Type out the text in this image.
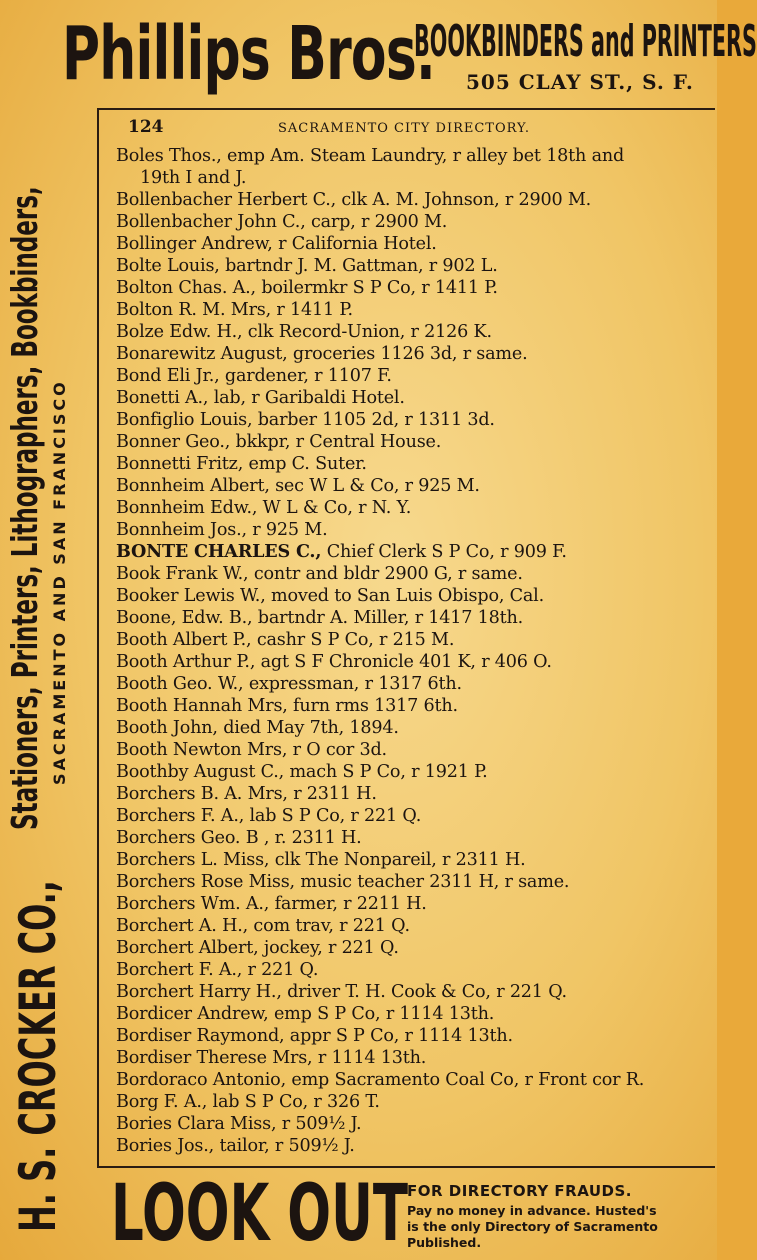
Phillips Bros.
BOOKBINDERS and PRINTERS
505 CLAY ST., S. F.
H. S. CROCKER CO.,
Stationers, Printers, Lithographers, Bookbinders, SACRAMENTO AND SAN FRANCISCO
124	SACRAMENTO CITY DIRECTORY.
Boles Thos., emp Am. Steam Laundry, r alley bet 18th and
19th I and J.
Bollenbacher Herbert C., clk A. M. Johnson, r 2900 M.
Bollenbacher John C., carp, r 2900 M.
Bollinger Andrew, r California Hotel.
Bolte Louis, bartndr J. M. Gattman, r 902 L.
Bolton Chas. A., boilermkr S P Co, r 1411 P.
Bolton R. M. Mrs, r 1411 P.
Bolze Edw. H., clk Record-Union, r 2126 K.
Bonarewitz August, groceries 1126 3d, r same.
Bond Eli Jr., gardener, r 1107 F.
Bonetti A., lab, r Garibaldi Hotel.
Bonfiglio Louis, barber 1105 2d, r 1311 3d.
Bonner Geo., bkkpr, r Central House.
Bonnetti Fritz, emp C. Suter.
Bonnheim Albert, sec W L & Co, r 925 M.
Bonnheim Edw., W L & Co, r N. Y.
Bonnheim Jos., r 925 M.
BONTE CHARLES C., Chief Clerk S P Co, r 909 F.
Book Frank W., contr and bldr 2900 G, r same.
Booker Lewis W., moved to San Luis Obispo, Cal.
Boone, Edw. B., bartndr A. Miller, r 1417 18th.
Booth Albert P., cashr S P Co, r 215 M.
Booth Arthur P., agt S F Chronicle 401 K, r 406 O.
Booth Geo. W., expressman, r 1317 6th.
Booth Hannah Mrs, furn rms 1317 6th.
Booth John, died May 7th, 1894.
Booth Newton Mrs, r O cor 3d.
Boothby August C., mach S P Co, r 1921 P.
Borchers B. A. Mrs, r 2311 H.
Borchers F. A., lab S P Co, r 221 Q.
Borchers Geo. B , r. 2311 H.
Borchers L. Miss, clk The Nonpareil, r 2311 H.
Borchers Rose Miss, music teacher 2311 H, r same.
Borchers Wm. A., farmer, r 2211 H.
Borchert A. H., com trav, r 221 Q.
Borchert Albert, jockey, r 221 Q.
Borchert F. A., r 221 Q.
Borchert Harry H., driver T. H. Cook & Co, r 221 Q.
Bordicer Andrew, emp S P Co, r 1114 13th.
Bordiser Raymond, appr S P Co, r 1114 13th.
Bordiser Therese Mrs, r 1114 13th.
Bordoraco Antonio, emp Sacramento Coal Co, r Front cor R.
Borg F. A., lab S P Co, r 326 T.
Bories Clara Miss, r 509½ J.
Bories Jos., tailor, r 509½ J.
LOOK OUT FOR DIRECTORY FRAUDS.
Pay no money in advance. Husted's
is the only Directory of Sacramento
Published.
